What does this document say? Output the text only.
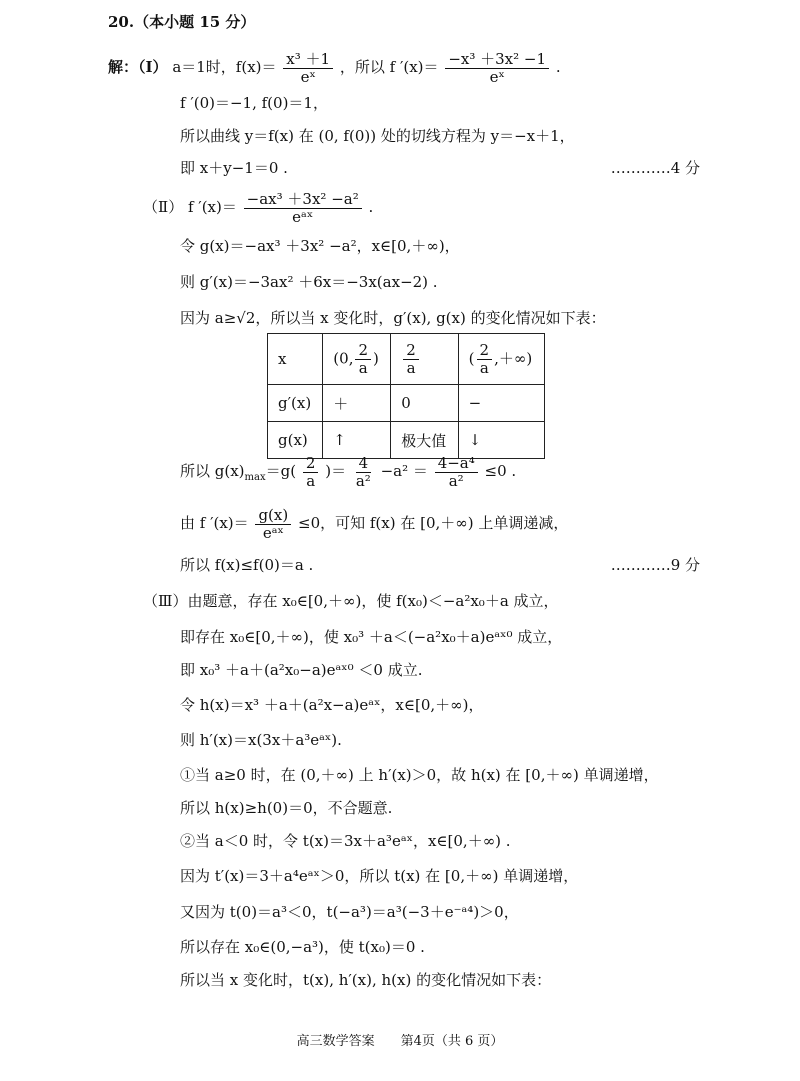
20.（本小题 15 分）
解：（Ⅰ） a＝1时，$f(x)= \frac{\text{x³ ＋1}}{\text{eˣ}}$ ，所以 f $'(x)= \frac{\text{−x³ ＋3x² −1}}{\text{eˣ}}$ .
f ′(0)＝−1, f(0)＝1，
所以曲线 y＝f(x) 在 (0, f(0)) 处的切线方程为 y＝−x＋1，
即 x＋y−1＝0 .	…………4 分
（Ⅱ） f $'(x)= \frac{\text{−ax³ ＋3x² −a²}}{\text{eᵃˣ}}$ .
令 g(x)＝−ax³ ＋3x² −a²，x∈[0,＋∞)，
则 g′(x)＝−3ax² ＋6x＝−3x(ax−2) .
因为 a≥√2，所以当 x 变化时，g′(x), g(x) 的变化情况如下表：
x	(0, $\frac{2}{a}$ )	$\frac{2}{a}$	( $\frac{2}{a}$ ,＋∞)
g′(x)	＋	0	−
g(x)	↑	极大值	↓
所以 $g(x)_{max}=g( \frac{2}{a}$ )＝ $\frac{4}{\text{a²}} -a^2 = \frac{\text{4−a⁴}}{\text{a²}} \le 0$ .
由 f $'(x)= \frac{g(x)}{\text{eᵃˣ}} \le 0$，可知 f(x) 在 [0,＋∞) 上单调递减，
所以 f(x)≤f(0)＝a .	…………9 分
（Ⅲ）由题意，存在 x₀∈[0,＋∞)，使 f(x₀)＜−a²x₀＋a 成立，
即存在 x₀∈[0,＋∞)，使 x₀³ ＋a＜(−a²x₀＋a)eᵃˣ⁰ 成立，
即 x₀³ ＋a＋(a²x₀−a)eᵃˣ⁰ ＜0 成立.
令 h(x)＝x³ ＋a＋(a²x−a)eᵃˣ，x∈[0,＋∞)，
则 h′(x)＝x(3x＋a³eᵃˣ).
①当 a≥0 时，在 (0,＋∞) 上 h′(x)＞0，故 h(x) 在 [0,＋∞) 单调递增，
所以 h(x)≥h(0)＝0，不合题意.
②当 a＜0 时，令 t(x)＝3x＋a³eᵃˣ，x∈[0,＋∞) .
因为 t′(x)＝3＋a⁴eᵃˣ＞0，所以 t(x) 在 [0,＋∞) 单调递增，
又因为 t(0)＝a³＜0，t(−a³)＝a³(−3＋e⁻ᵃ⁴)＞0，
所以存在 x₀∈(0,−a³)，使 t(x₀)＝0 .
所以当 x 变化时，t(x), h′(x), h(x) 的变化情况如下表：
高三数学答案　　第4页（共 6 页）
